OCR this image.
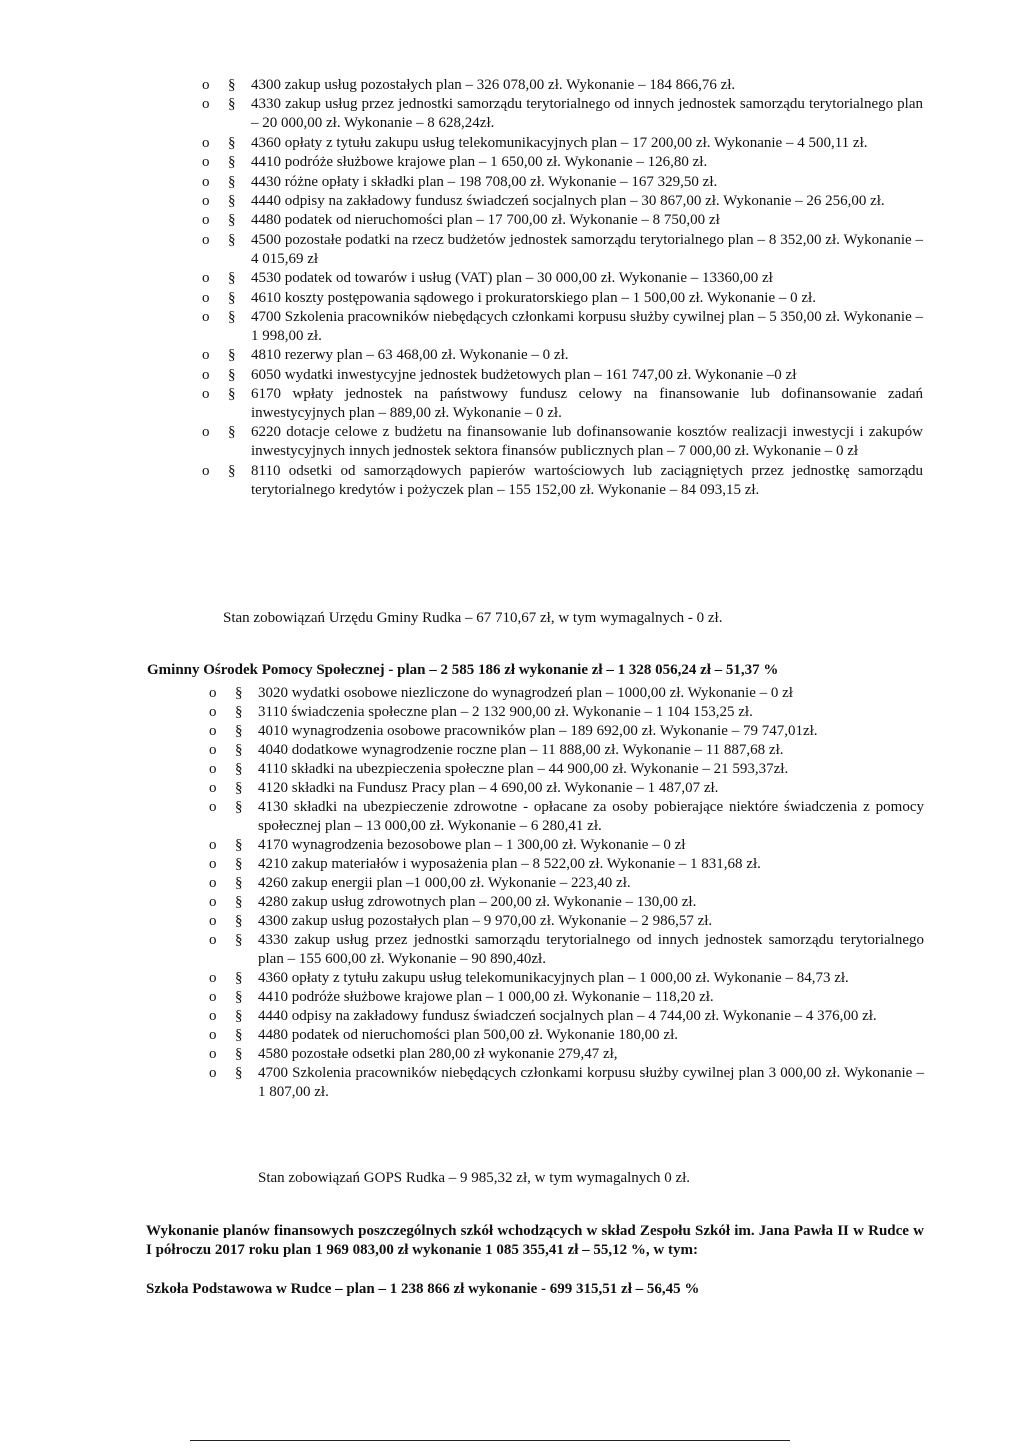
o	§	4300 zakup usług pozostałych plan – 326 078,00 zł. Wykonanie – 184 866,76 zł.
o	§	4330 zakup usług przez jednostki samorządu terytorialnego od innych jednostek samorządu terytorialnego plan – 20 000,00 zł. Wykonanie – 8 628,24zł.
o	§	4360 opłaty z tytułu zakupu usług telekomunikacyjnych plan – 17 200,00 zł. Wykonanie – 4 500,11 zł.
o	§	4410 podróże służbowe krajowe plan – 1 650,00 zł. Wykonanie – 126,80 zł.
o	§	4430 różne opłaty i składki plan – 198 708,00 zł. Wykonanie – 167 329,50 zł.
o	§	4440 odpisy na zakładowy fundusz świadczeń socjalnych plan – 30 867,00 zł. Wykonanie – 26 256,00 zł.
o	§	4480 podatek od nieruchomości plan – 17 700,00 zł. Wykonanie – 8 750,00 zł
o	§	4500 pozostałe podatki na rzecz budżetów jednostek samorządu terytorialnego plan – 8 352,00 zł. Wykonanie –4 015,69 zł
o	§	4530 podatek od towarów i usług (VAT) plan – 30 000,00 zł. Wykonanie – 13360,00 zł
o	§	4610 koszty postępowania sądowego i prokuratorskiego plan – 1 500,00 zł. Wykonanie – 0 zł.
o	§	4700 Szkolenia pracowników niebędących członkami korpusu służby cywilnej plan – 5 350,00 zł. Wykonanie – 1 998,00 zł.
o	§	4810 rezerwy plan – 63 468,00 zł. Wykonanie – 0 zł.
o	§	6050 wydatki inwestycyjne jednostek budżetowych plan – 161 747,00 zł. Wykonanie –0 zł
o	§	6170 wpłaty jednostek na państwowy fundusz celowy na finansowanie lub dofinansowanie zadań inwestycyjnych plan – 889,00 zł. Wykonanie – 0 zł.
o	§	6220 dotacje celowe z budżetu na finansowanie lub dofinansowanie kosztów realizacji inwestycji i zakupów inwestycyjnych innych jednostek sektora finansów publicznych plan – 7 000,00 zł. Wykonanie – 0 zł
o	§	8110 odsetki od samorządowych papierów wartościowych lub zaciągniętych przez jednostkę samorządu terytorialnego kredytów i pożyczek plan – 155 152,00 zł. Wykonanie – 84 093,15 zł.
Stan zobowiązań Urzędu Gminy Rudka – 67 710,67 zł, w tym wymagalnych - 0 zł.
Gminny Ośrodek Pomocy Społecznej - plan – 2 585 186 zł wykonanie zł – 1 328 056,24 zł – 51,37 %
o	§	3020 wydatki osobowe niezliczone do wynagrodzeń plan – 1000,00 zł. Wykonanie – 0 zł
o	§	3110 świadczenia społeczne plan – 2 132 900,00 zł. Wykonanie – 1 104 153,25 zł.
o	§	4010 wynagrodzenia osobowe pracowników plan – 189 692,00 zł. Wykonanie – 79 747,01zł.
o	§	4040 dodatkowe wynagrodzenie roczne plan – 11 888,00 zł. Wykonanie – 11 887,68 zł.
o	§	4110 składki na ubezpieczenia społeczne plan – 44 900,00 zł. Wykonanie – 21 593,37zł.
o	§	4120 składki na Fundusz Pracy plan – 4 690,00 zł. Wykonanie – 1 487,07 zł.
o	§	4130 składki na ubezpieczenie zdrowotne - opłacane za osoby pobierające niektóre świadczenia z pomocy społecznej plan – 13 000,00 zł. Wykonanie – 6 280,41 zł.
o	§	4170 wynagrodzenia bezosobowe plan – 1 300,00 zł. Wykonanie – 0 zł
o	§	4210 zakup materiałów i wyposażenia plan – 8 522,00 zł. Wykonanie – 1 831,68 zł.
o	§	4260 zakup energii plan –1 000,00 zł. Wykonanie – 223,40 zł.
o	§	4280 zakup usług zdrowotnych plan – 200,00 zł. Wykonanie – 130,00 zł.
o	§	4300 zakup usług pozostałych plan – 9 970,00 zł. Wykonanie – 2 986,57 zł.
o	§	4330 zakup usług przez jednostki samorządu terytorialnego od innych jednostek samorządu terytorialnego plan – 155 600,00 zł. Wykonanie – 90 890,40zł.
o	§	4360 opłaty z tytułu zakupu usług telekomunikacyjnych plan – 1 000,00 zł. Wykonanie – 84,73 zł.
o	§	4410 podróże służbowe krajowe plan – 1 000,00 zł. Wykonanie – 118,20 zł.
o	§	4440 odpisy na zakładowy fundusz świadczeń socjalnych plan – 4 744,00 zł. Wykonanie – 4 376,00 zł.
o	§	4480 podatek od nieruchomości plan 500,00 zł. Wykonanie 180,00 zł.
o	§	4580 pozostałe odsetki plan 280,00 zł wykonanie 279,47 zł,
o	§	4700 Szkolenia pracowników niebędących członkami korpusu służby cywilnej plan 3 000,00 zł. Wykonanie – 1 807,00 zł.
Stan zobowiązań GOPS Rudka – 9 985,32 zł, w tym wymagalnych 0 zł.
Wykonanie planów finansowych poszczególnych szkół wchodzących w skład Zespołu Szkół im. Jana Pawła II w Rudce w I półroczu 2017 roku plan 1 969 083,00 zł wykonanie 1 085 355,41 zł – 55,12 %, w tym:
Szkoła Podstawowa w Rudce – plan – 1 238 866 zł wykonanie - 699 315,51 zł – 56,45 %
